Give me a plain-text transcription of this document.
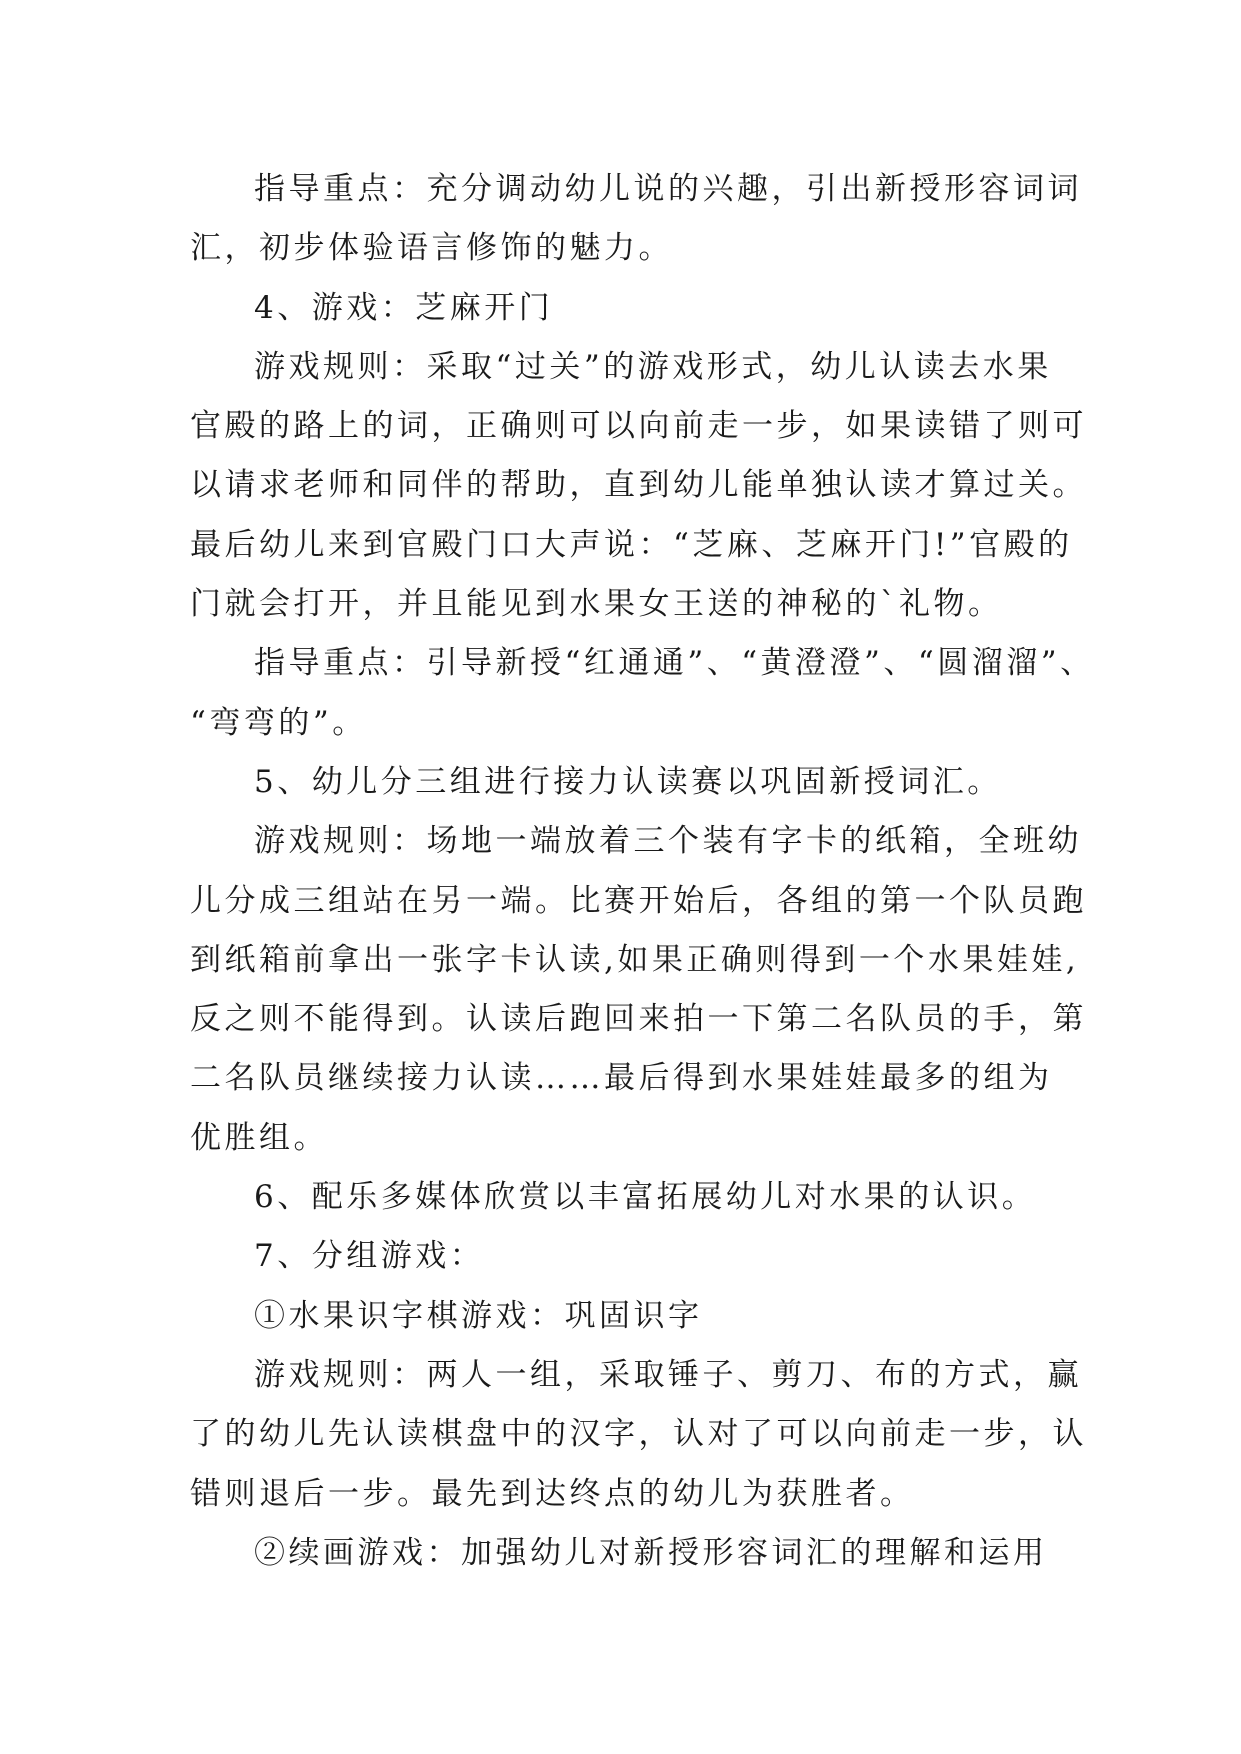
指导重点：充分调动幼儿说的兴趣，引出新授形容词词
汇，初步体验语言修饰的魅力。
4、游戏：芝麻开门
游戏规则：采取“过关”的游戏形式，幼儿认读去水果
官殿的路上的词，正确则可以向前走一步，如果读错了则可
以请求老师和同伴的帮助，直到幼儿能单独认读才算过关。
最后幼儿来到官殿门口大声说：“芝麻、芝麻开门!”官殿的
门就会打开，并且能见到水果女王送的神秘的`礼物。
指导重点：引导新授“红通通”、“黄澄澄”、“圆溜溜”、
“弯弯的”。
5、幼儿分三组进行接力认读赛以巩固新授词汇。
游戏规则：场地一端放着三个装有字卡的纸箱，全班幼
儿分成三组站在另一端。比赛开始后，各组的第一个队员跑
到纸箱前拿出一张字卡认读,如果正确则得到一个水果娃娃,
反之则不能得到。认读后跑回来拍一下第二名队员的手，第
二名队员继续接力认读……最后得到水果娃娃最多的组为
优胜组。
6、配乐多媒体欣赏以丰富拓展幼儿对水果的认识。
7、分组游戏：
①水果识字棋游戏：巩固识字
游戏规则：两人一组，采取锤子、剪刀、布的方式，赢
了的幼儿先认读棋盘中的汉字，认对了可以向前走一步，认
错则退后一步。最先到达终点的幼儿为获胜者。
②续画游戏：加强幼儿对新授形容词汇的理解和运用
